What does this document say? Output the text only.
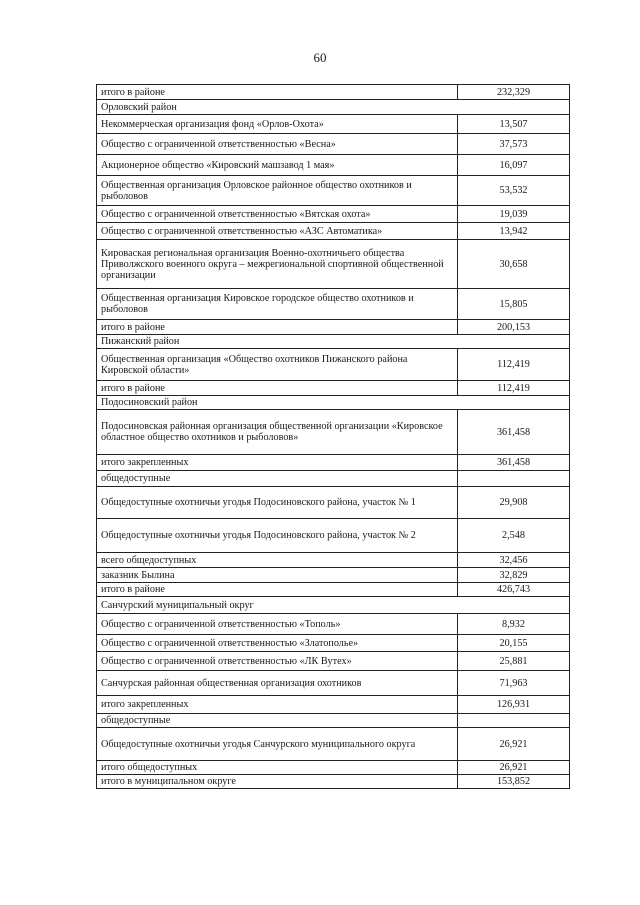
60
итого в районе	232,329
Орловский район	
Некоммерческая организация фонд «Орлов-Охота»	13,507
Общество с ограниченной ответственностью «Весна»	37,573
Акционерное общество «Кировский машзавод 1 мая»	16,097
Общественная организация Орловское районное общество охотников и рыболовов	53,532
Общество с ограниченной ответственностью «Вятская охота»	19,039
Общество с ограниченной ответственностью «АЗС Автоматика»	13,942
Кироваская региональная организация Военно-охотничьего общества Приволжского военного округа – межрегиональной спортивной общественной организации	30,658
Общественная организация Кировское городское общество охотников и рыболовов	15,805
итого в районе	200,153
Пижанский район	
Общественная организация «Общество охотников Пижанского района Кировской области»	112,419
итого в районе	112,419
Подосиновский район	
Подосиновская районная организация общественной организации «Кировское областное общество охотников и рыболовов»	361,458
итого закрепленных	361,458
общедоступные	
Общедоступные охотничьи угодья Подосиновского района, участок № 1	29,908
Общедоступные охотничьи угодья Подосиновского района, участок № 2	2,548
всего общедоступных	32,456
заказник Былина	32,829
итого в районе	426,743
Санчурский муниципальный округ	
Общество с ограниченной ответственностью «Тополь»	8,932
Общество с ограниченной ответственностью «Златополье»	20,155
Общество с ограниченной ответственностью «ЛК Вутех»	25,881
Санчурская районная общественная организация охотников	71,963
итого закрепленных	126,931
общедоступные	
Общедоступные охотничьи угодья Санчурского муниципального округа	26,921
итого общедоступных	26,921
итого в муниципальном округе	153,852
